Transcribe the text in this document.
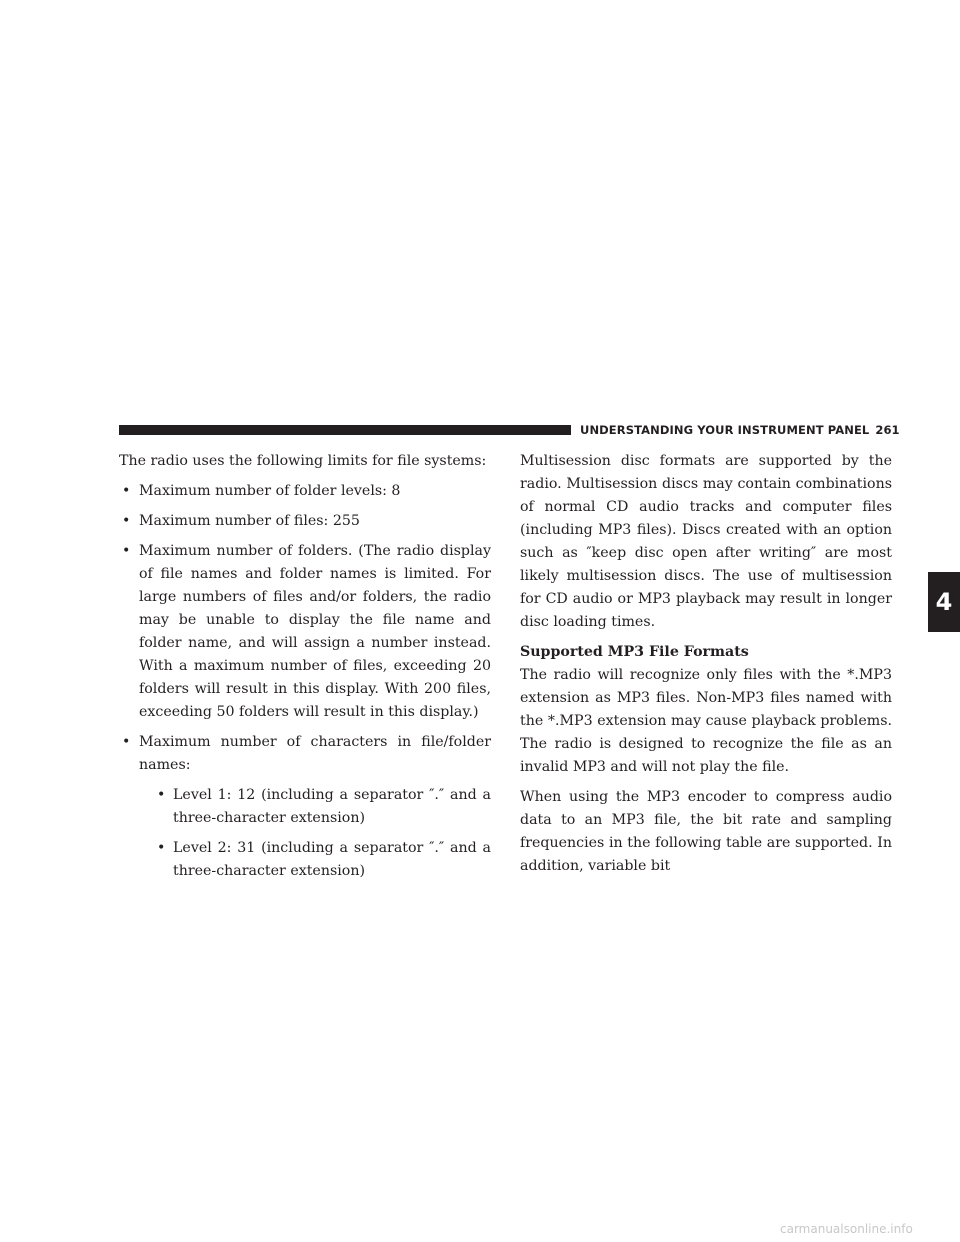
UNDERSTANDING YOUR INSTRUMENT PANEL 261
4

The radio uses the following limits for file systems:

• Maximum number of folder levels: 8
• Maximum number of files: 255
• Maximum number of folders. (The radio display of file names and folder names is limited. For large numbers of files and/or folders, the radio may be unable to display the file name and folder name, and will assign a number instead. With a maximum number of files, exceeding 20 folders will result in this display. With 200 files, exceeding 50 folders will result in this display.)
• Maximum number of characters in file/folder names:
• Level 1: 12 (including a separator ″.″ and a three-character extension)
• Level 2: 31 (including a separator ″.″ and a three-character extension)

Multisession disc formats are supported by the radio. Multisession discs may contain combinations of normal CD audio tracks and computer files (including MP3 files). Discs created with an option such as ″keep disc open after writing″ are most likely multisession discs. The use of multisession for CD audio or MP3 playback may result in longer disc loading times.

Supported MP3 File Formats

The radio will recognize only files with the *.MP3 extension as MP3 files. Non-MP3 files named with the *.MP3 extension may cause playback problems. The radio is designed to recognize the file as an invalid MP3 and will not play the file.

When using the MP3 encoder to compress audio data to an MP3 file, the bit rate and sampling frequencies in the following table are supported. In addition, variable bit

carmanualsonline.info
